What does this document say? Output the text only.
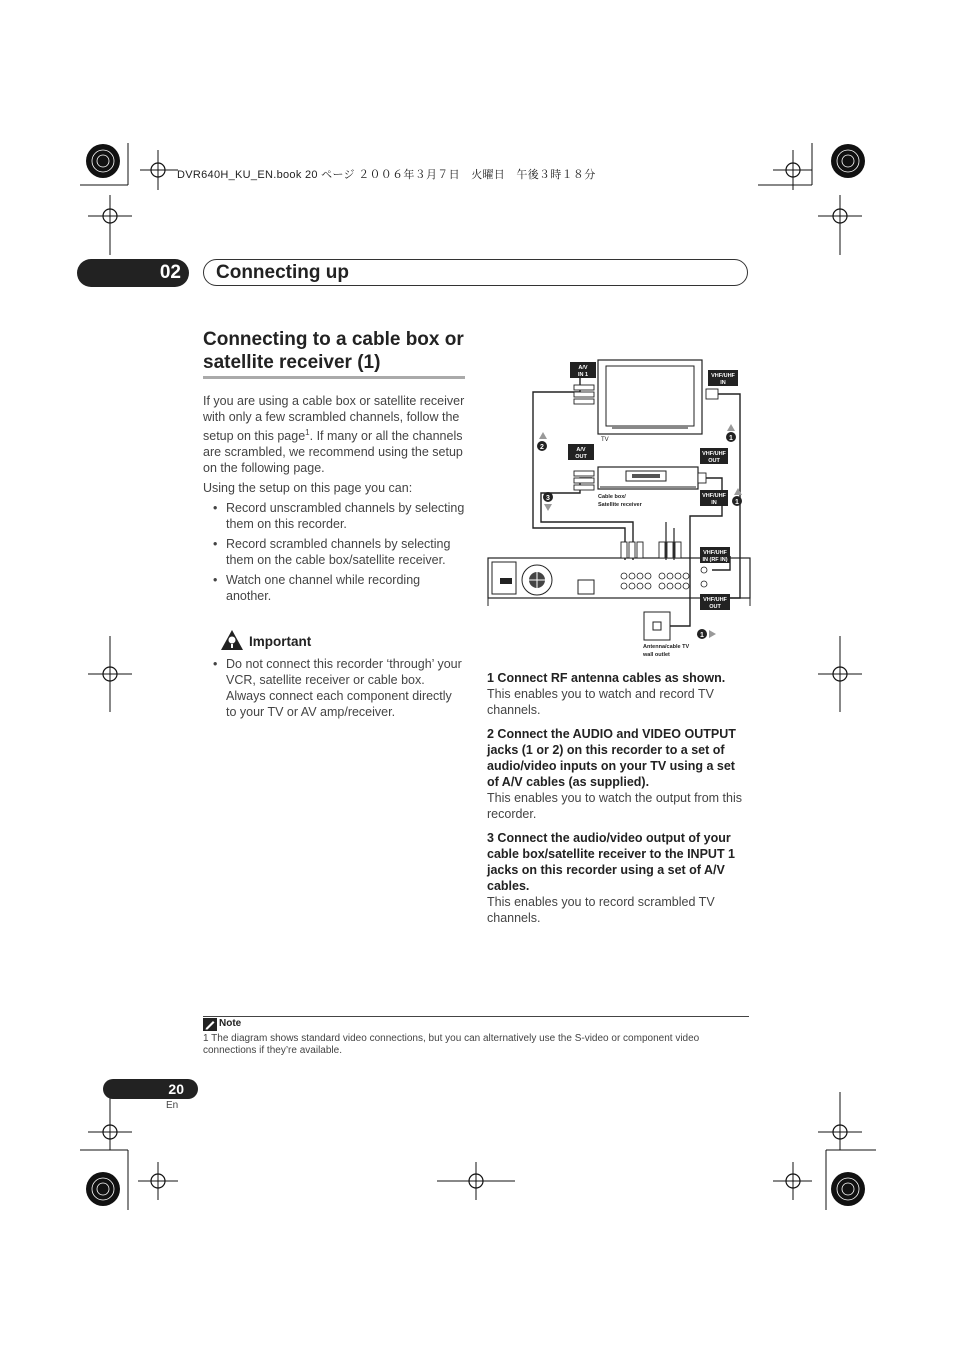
DVR640H_KU_EN.book 20 ページ ２００６年３月７日　火曜日　午後３時１８分
02	Connecting up
Connecting to a cable box or satellite receiver (1)

If you are using a cable box or satellite receiver with only a few scrambled channels, follow the setup on this page$^1$. If many or all the channels are scrambled, we recommend using the setup on the following page.

Using the setup on this page you can:

• Record unscrambled channels by selecting them on this recorder.
• Record scrambled channels by selecting them on the cable box/satellite receiver.
• Watch one channel while recording another.
Important
• Do not connect this recorder ‘through’ your VCR, satellite receiver or cable box. Always connect each component directly to your TV or AV amp/receiver.
A/V
IN 1	VHF/UHF
IN
TV
A/V
OUT	VHF/UHF
OUT
VHF/UHF
IN
Cable box/
Satellite receiver
VHF/UHF
IN (RF IN)
VHF/UHF
OUT
Antenna/cable TV
wall outlet
2
3
1
1
1
1 Connect RF antenna cables as shown.
This enables you to watch and record TV channels.
2 Connect the AUDIO and VIDEO OUTPUT jacks (1 or 2) on this recorder to a set of audio/video inputs on your TV using a set of A/V cables (as supplied).
This enables you to watch the output from this recorder.
3 Connect the audio/video output of your cable box/satellite receiver to the INPUT 1 jacks on this recorder using a set of A/V cables.
This enables you to record scrambled TV channels.
Note
1 The diagram shows standard video connections, but you can alternatively use the S-video or component video connections if they’re available.
20
En
